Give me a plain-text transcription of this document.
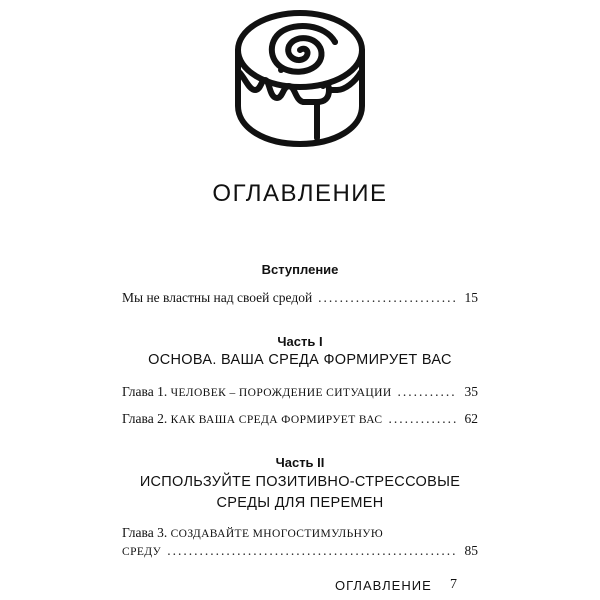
ОГЛАВЛЕНИЕ
Вступление
Мы не властны над своей средой .....	15
Часть I
ОСНОВА. ВАША СРЕДА ФОРМИРУЕТ ВАС
Глава 1. ЧЕЛОВЕК – ПОРОЖДЕНИЕ СИТУАЦИИ .....	35
Глава 2. КАК ВАША СРЕДА ФОРМИРУЕТ ВАС .....	62
Часть II
ИСПОЛЬЗУЙТЕ ПОЗИТИВНО-СТРЕССОВЫЕ
СРЕДЫ ДЛЯ ПЕРЕМЕН
Глава 3. СОЗДАВАЙТЕ МНОГОСТИМУЛЬНУЮ
СРЕДУ .....	85
ОГЛАВЛЕНИЕ 7
